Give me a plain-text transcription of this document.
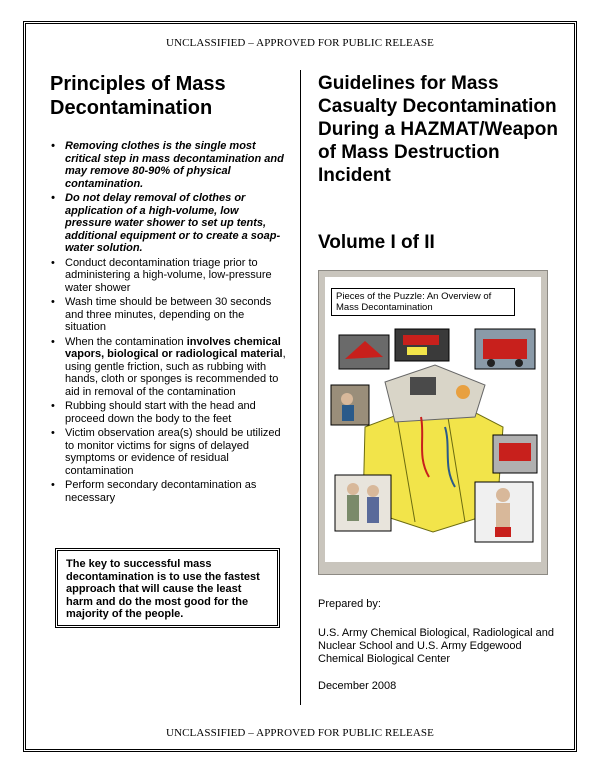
UNCLASSIFIED – APPROVED FOR PUBLIC RELEASE
Principles of Mass Decontamination
• Removing clothes is the single most critical step in mass decontamination and may remove 80-90% of physical contamination.
• Do not delay removal of clothes or application of a high-volume, low pressure water shower to set up tents, additional equipment or to create a soap-water solution.
• Conduct decontamination triage prior to administering a high-volume, low-pressure water shower
• Wash time should be between 30 seconds and three minutes, depending on the situation
• When the contamination involves chemical vapors, biological or radiological material, using gentle friction, such as rubbing with hands, cloth or sponges is recommended to aid in removal of the contamination
• Rubbing should start with the head and proceed down the body to the feet
• Victim observation area(s) should be utilized to monitor victims for signs of delayed symptoms or evidence of residual contamination
• Perform secondary decontamination as necessary
The key to successful mass decontamination is to use the fastest approach that will cause the least harm and do the most good for the majority of the people.
Guidelines for Mass Casualty Decontamination During a HAZMAT/Weapon of Mass Destruction Incident
Volume I of II
Pieces of the Puzzle: An Overview of Mass Decontamination
Prepared by:
U.S. Army Chemical Biological, Radiological and Nuclear School and U.S. Army Edgewood Chemical Biological Center
December 2008
UNCLASSIFIED – APPROVED FOR PUBLIC RELEASE
